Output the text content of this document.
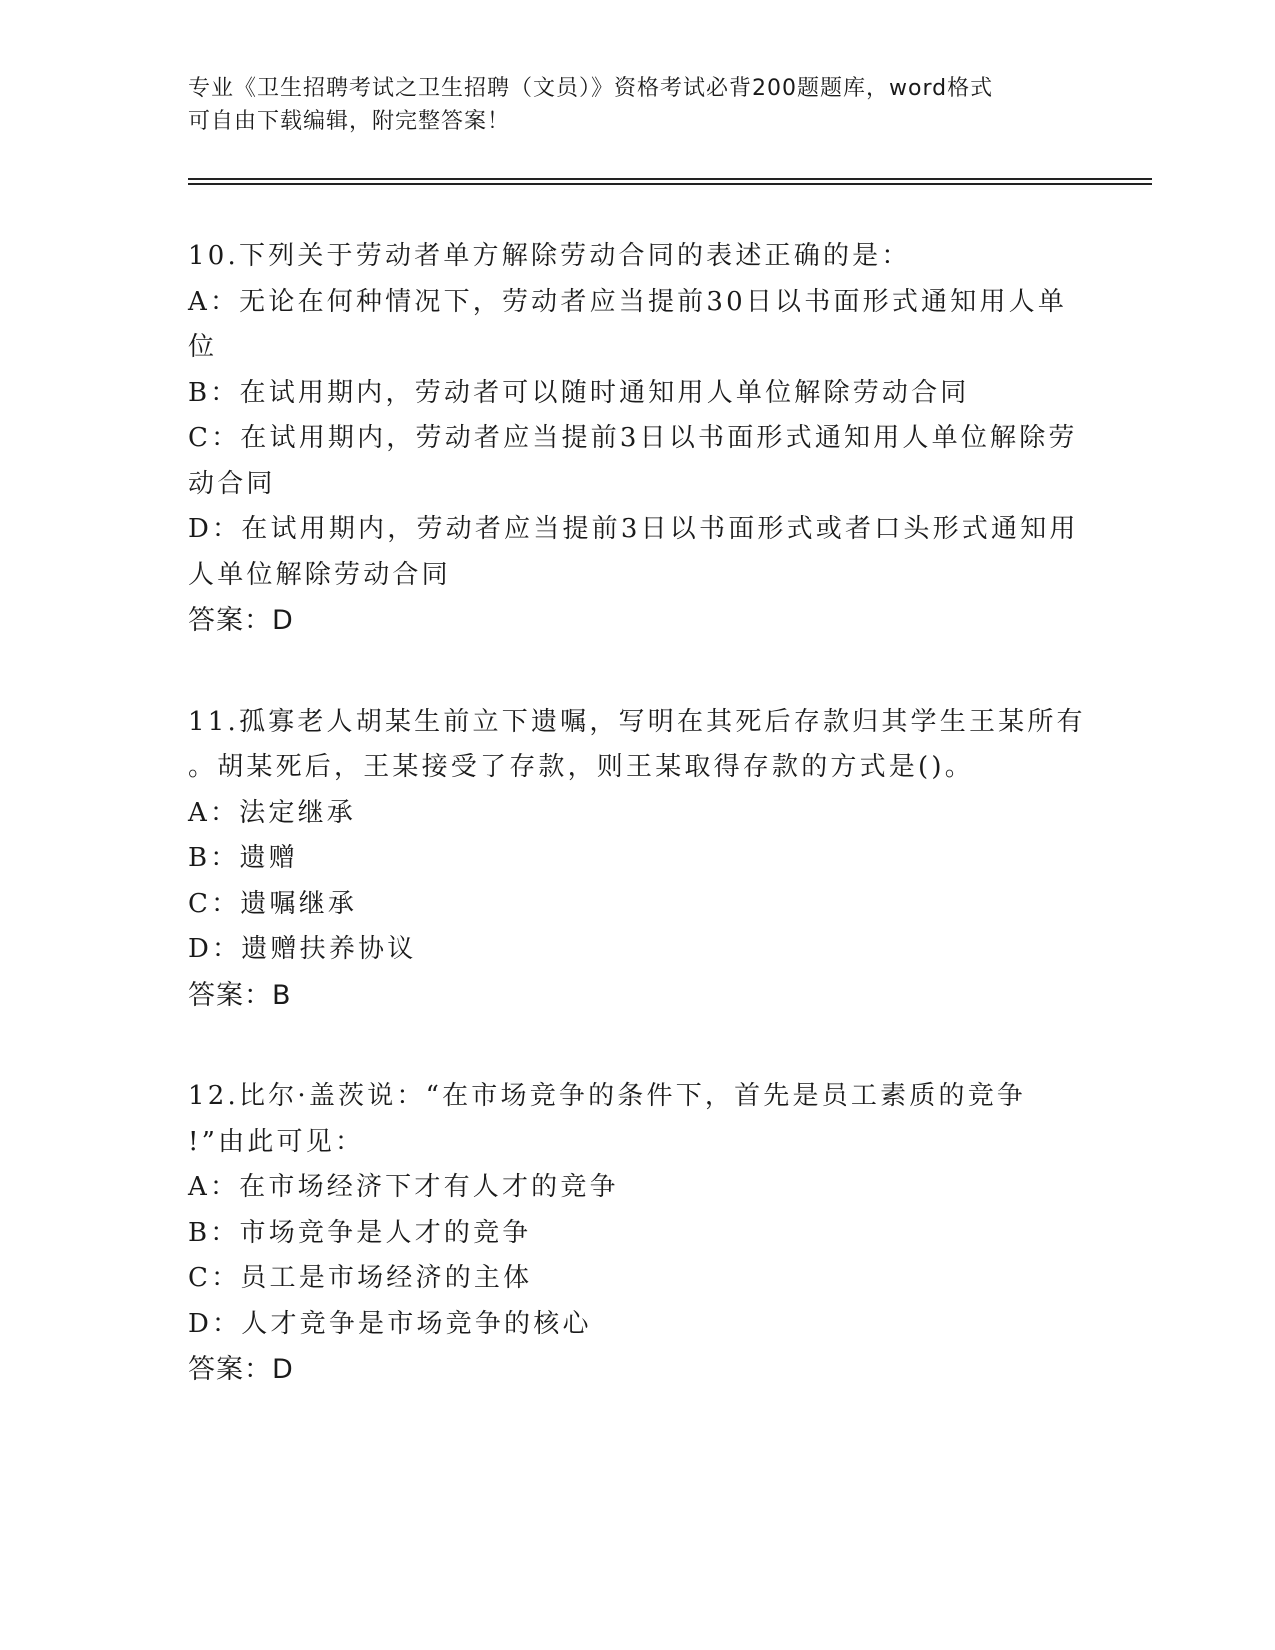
专业《卫生招聘考试之卫生招聘（文员）》资格考试必背200题题库，word格式
可自由下载编辑，附完整答案！
10.下列关于劳动者单方解除劳动合同的表述正确的是：
A：无论在何种情况下，劳动者应当提前30日以书面形式通知用人单
位
B：在试用期内，劳动者可以随时通知用人单位解除劳动合同
C：在试用期内，劳动者应当提前3日以书面形式通知用人单位解除劳
动合同
D：在试用期内，劳动者应当提前3日以书面形式或者口头形式通知用
人单位解除劳动合同
答案：D
11.孤寡老人胡某生前立下遗嘱，写明在其死后存款归其学生王某所有
。胡某死后，王某接受了存款，则王某取得存款的方式是()。
A：法定继承
B：遗赠
C：遗嘱继承
D：遗赠扶养协议
答案：B
12.比尔·盖茨说：“在市场竞争的条件下，首先是员工素质的竞争
!”由此可见：
A：在市场经济下才有人才的竞争
B：市场竞争是人才的竞争
C：员工是市场经济的主体
D：人才竞争是市场竞争的核心
答案：D
